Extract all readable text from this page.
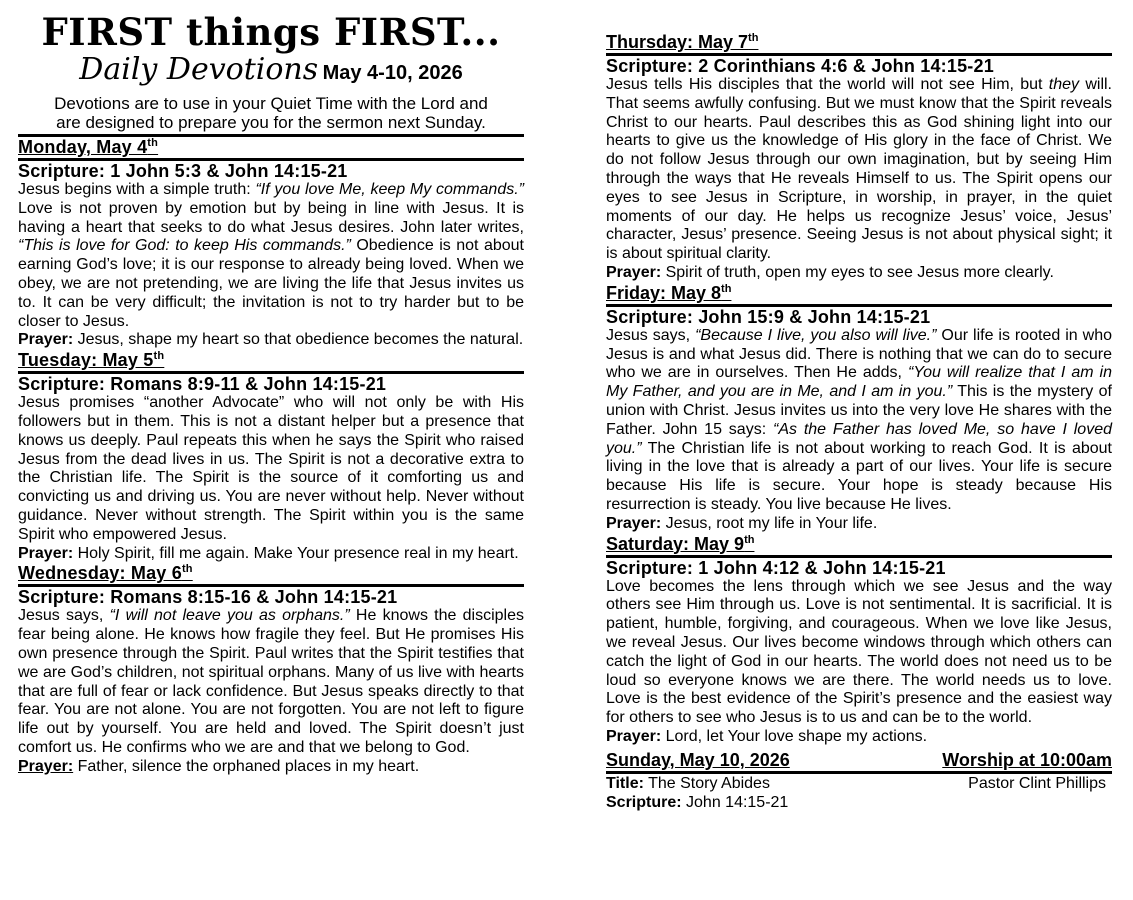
FIRST things FIRST...
Daily Devotions May 4-10, 2026
Devotions are to use in your Quiet Time with the Lord and
are designed to prepare you for the sermon next Sunday.
Monday, May 4th
Scripture: 1 John 5:3 & John 14:15-21
Jesus begins with a simple truth: “If you love Me, keep My commands.” Love is not proven by emotion but by being in line with Jesus. It is having a heart that seeks to do what Jesus desires. John later writes, “This is love for God: to keep His commands.” Obedience is not about earning God’s love; it is our response to already being loved. When we obey, we are not pretending, we are living the life that Jesus invites us to. It can be very difficult; the invitation is not to try harder but to be closer to Jesus.
Prayer: Jesus, shape my heart so that obedience becomes the natural.
Tuesday: May 5th
Scripture: Romans 8:9-11 & John 14:15-21
Jesus promises “another Advocate” who will not only be with His followers but in them. This is not a distant helper but a presence that knows us deeply. Paul repeats this when he says the Spirit who raised Jesus from the dead lives in us. The Spirit is not a decorative extra to the Christian life. The Spirit is the source of it comforting us and convicting us and driving us. You are never without help. Never without guidance. Never without strength. The Spirit within you is the same Spirit who empowered Jesus.
Prayer: Holy Spirit, fill me again. Make Your presence real in my heart.
Wednesday: May 6th
Scripture: Romans 8:15-16 & John 14:15-21
Jesus says, “I will not leave you as orphans.” He knows the disciples fear being alone. He knows how fragile they feel. But He promises His own presence through the Spirit. Paul writes that the Spirit testifies that we are God’s children, not spiritual orphans. Many of us live with hearts that are full of fear or lack confidence. But Jesus speaks directly to that fear. You are not alone. You are not forgotten. You are not left to figure life out by yourself. You are held and loved. The Spirit doesn’t just comfort us. He confirms who we are and that we belong to God.
Prayer: Father, silence the orphaned places in my heart.
Thursday: May 7th
Scripture: 2 Corinthians 4:6 & John 14:15-21
Jesus tells His disciples that the world will not see Him, but they will. That seems awfully confusing. But we must know that the Spirit reveals Christ to our hearts. Paul describes this as God shining light into our hearts to give us the knowledge of His glory in the face of Christ. We do not follow Jesus through our own imagination, but by seeing Him through the ways that He reveals Himself to us. The Spirit opens our eyes to see Jesus in Scripture, in worship, in prayer, in the quiet moments of our day. He helps us recognize Jesus’ voice, Jesus’ character, Jesus’ presence. Seeing Jesus is not about physical sight; it is about spiritual clarity.
Prayer: Spirit of truth, open my eyes to see Jesus more clearly.
Friday: May 8th
Scripture: John 15:9 & John 14:15-21
Jesus says, “Because I live, you also will live.” Our life is rooted in who Jesus is and what Jesus did. There is nothing that we can do to secure who we are in ourselves. Then He adds, “You will realize that I am in My Father, and you are in Me, and I am in you.” This is the mystery of union with Christ. Jesus invites us into the very love He shares with the Father. John 15 says: “As the Father has loved Me, so have I loved you.” The Christian life is not about working to reach God. It is about living in the love that is already a part of our lives. Your life is secure because His life is secure. Your hope is steady because His resurrection is steady. You live because He lives.
Prayer: Jesus, root my life in Your life.
Saturday: May 9th
Scripture: 1 John 4:12 & John 14:15-21
Love becomes the lens through which we see Jesus and the way others see Him through us. Love is not sentimental. It is sacrificial. It is patient, humble, forgiving, and courageous. When we love like Jesus, we reveal Jesus. Our lives become windows through which others can catch the light of God in our hearts. The world does not need us to be loud so everyone knows we are there. The world needs us to love. Love is the best evidence of the Spirit’s presence and the easiest way for others to see who Jesus is to us and can be to the world.
Prayer: Lord, let Your love shape my actions.
Sunday, May 10, 2026	Worship at 10:00am
Title: The Story Abides	Pastor Clint Phillips
Scripture: John 14:15-21
